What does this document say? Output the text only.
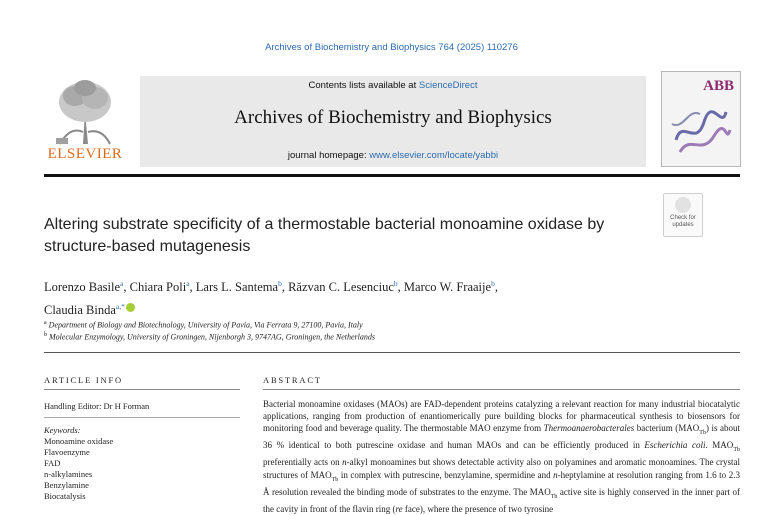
Archives of Biochemistry and Biophysics 764 (2025) 110276
ELSEVIER
Contents lists available at ScienceDirect
Archives of Biochemistry and Biophysics
journal homepage: www.elsevier.com/locate/yabbi
ABB
Altering substrate specificity of a thermostable bacterial monoamine oxidase by structure-based mutagenesis
Check for updates
Lorenzo Basile$^a$, Chiara Poli$^a$, Lars L. Santema$^b$, Răzvan C. Lesenciuc$^b$, Marco W. Fraaije$^b$,
Claudia Binda$^{a,*}$
$^a$ Department of Biology and Biotechnology, University of Pavia, Via Ferrata 9, 27100, Pavia, Italy
$^b$ Molecular Enzymology, University of Groningen, Nijenborgh 3, 9747AG, Groningen, the Netherlands
ARTICLE INFO
Handling Editor: Dr H Forman
Keywords:
Monoamine oxidase
Flavoenzyme
FAD
n-alkylamines
Benzylamine
Biocatalysis
ABSTRACT
Bacterial monoamine oxidases (MAOs) are FAD-dependent proteins catalyzing a relevant reaction for many industrial biocatalytic applications, ranging from production of enantiomerically pure building blocks for pharmaceutical synthesis to biosensors for monitoring food and beverage quality. The thermostable MAO enzyme from Thermoanaerobacterales bacterium $(MAO_{Tb})$ is about 36 % identical to both putrescine oxidase and human MAOs and can be efficiently produced in Escherichia coli. $MAO_{Tb}$ preferentially acts on n-alkyl monoamines but shows detectable activity also on polyamines and aromatic monoamines. The crystal structures of $MAO_{Tb}$ in complex with putrescine, benzylamine, spermidine and n-heptylamine at resolution ranging from 1.6 to 2.3 Å resolution revealed the binding mode of substrates to the enzyme. The $MAO_{Tb}$ active site is highly conserved in the inner part of the cavity in front of the flavin ring (re face), where the presence of two tyrosine
